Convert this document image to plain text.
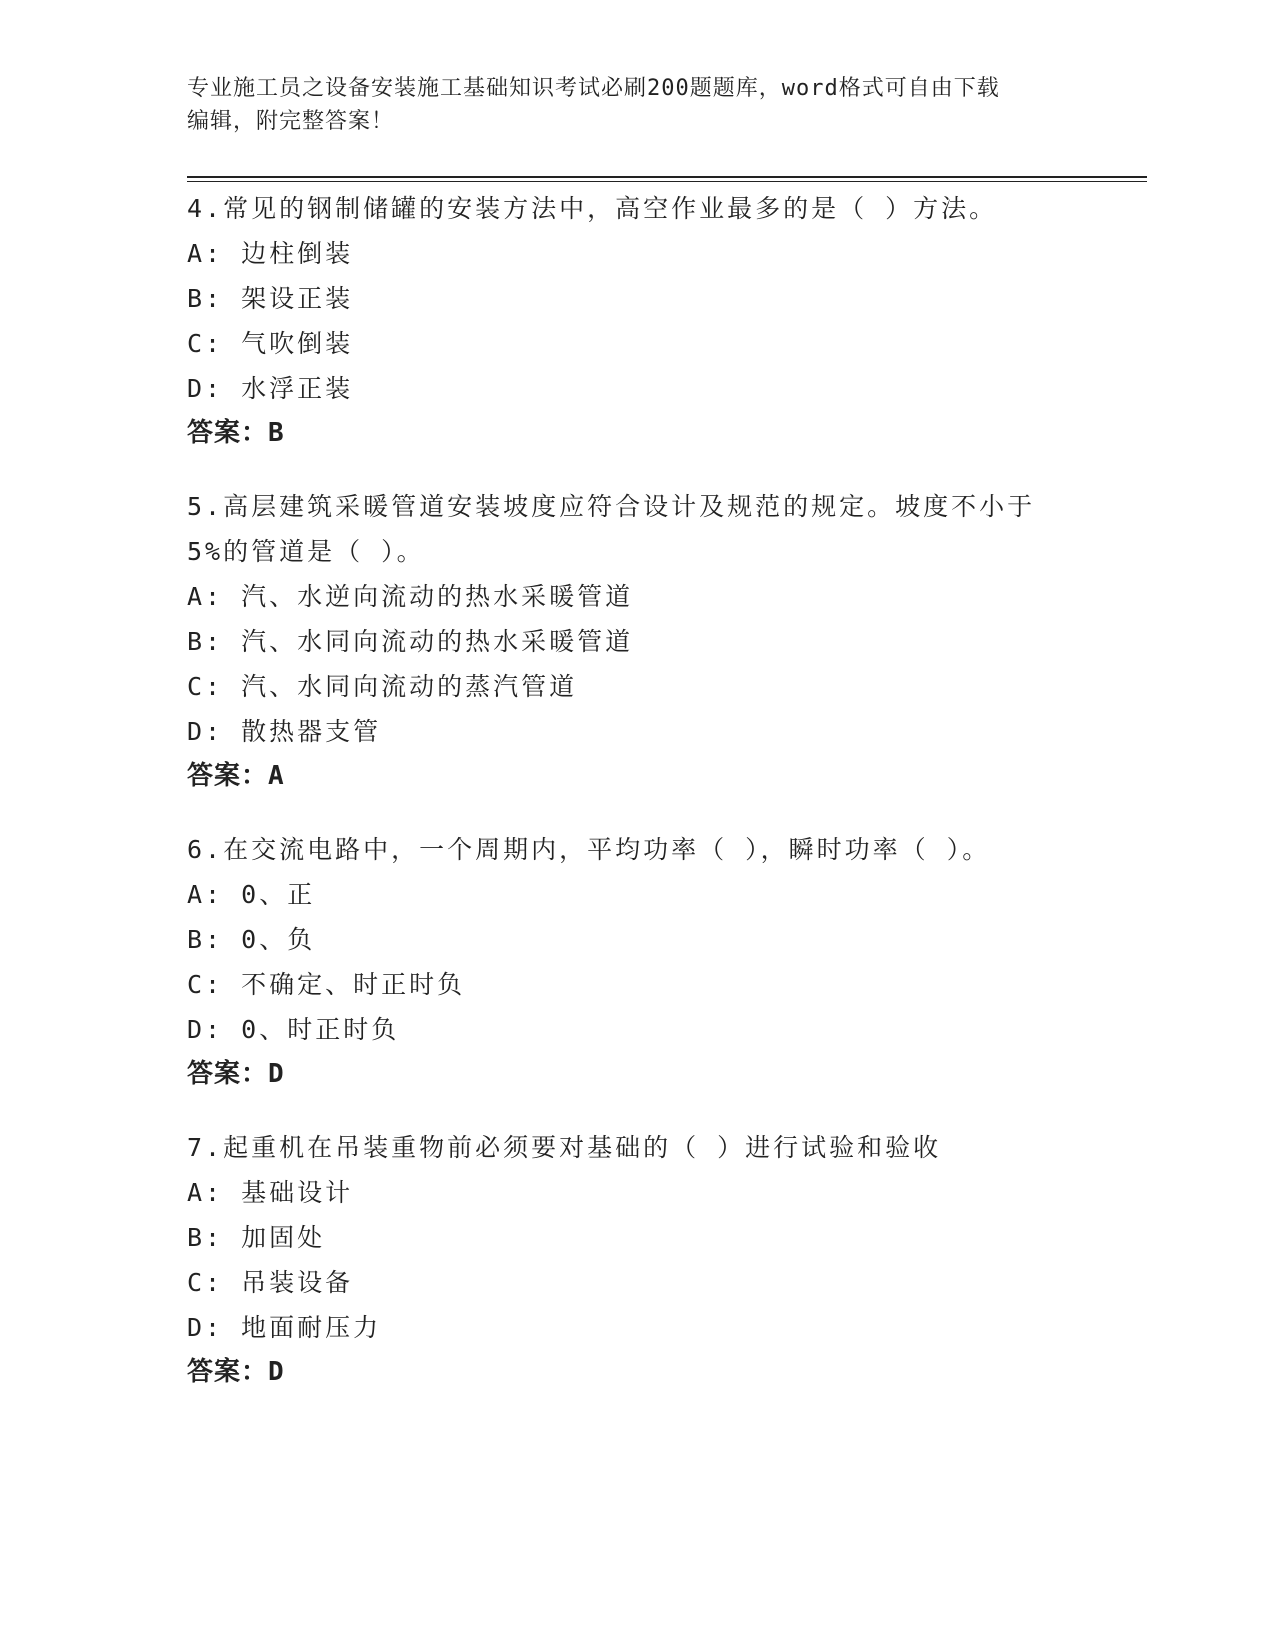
专业施工员之设备安装施工基础知识考试必刷200题题库，word格式可自由下载
编辑，附完整答案！
4.常见的钢制储罐的安装方法中，高空作业最多的是（ ）方法。
A: 边柱倒装
B: 架设正装
C: 气吹倒装
D: 水浮正装
答案：B
5.高层建筑采暖管道安装坡度应符合设计及规范的规定。坡度不小于
5%的管道是（ ）。
A: 汽、水逆向流动的热水采暖管道
B: 汽、水同向流动的热水采暖管道
C: 汽、水同向流动的蒸汽管道
D: 散热器支管
答案：A
6.在交流电路中，一个周期内，平均功率（ ），瞬时功率（ ）。
A: 0、正
B: 0、负
C: 不确定、时正时负
D: 0、时正时负
答案：D
7.起重机在吊装重物前必须要对基础的（ ）进行试验和验收
A: 基础设计
B: 加固处
C: 吊装设备
D: 地面耐压力
答案：D
